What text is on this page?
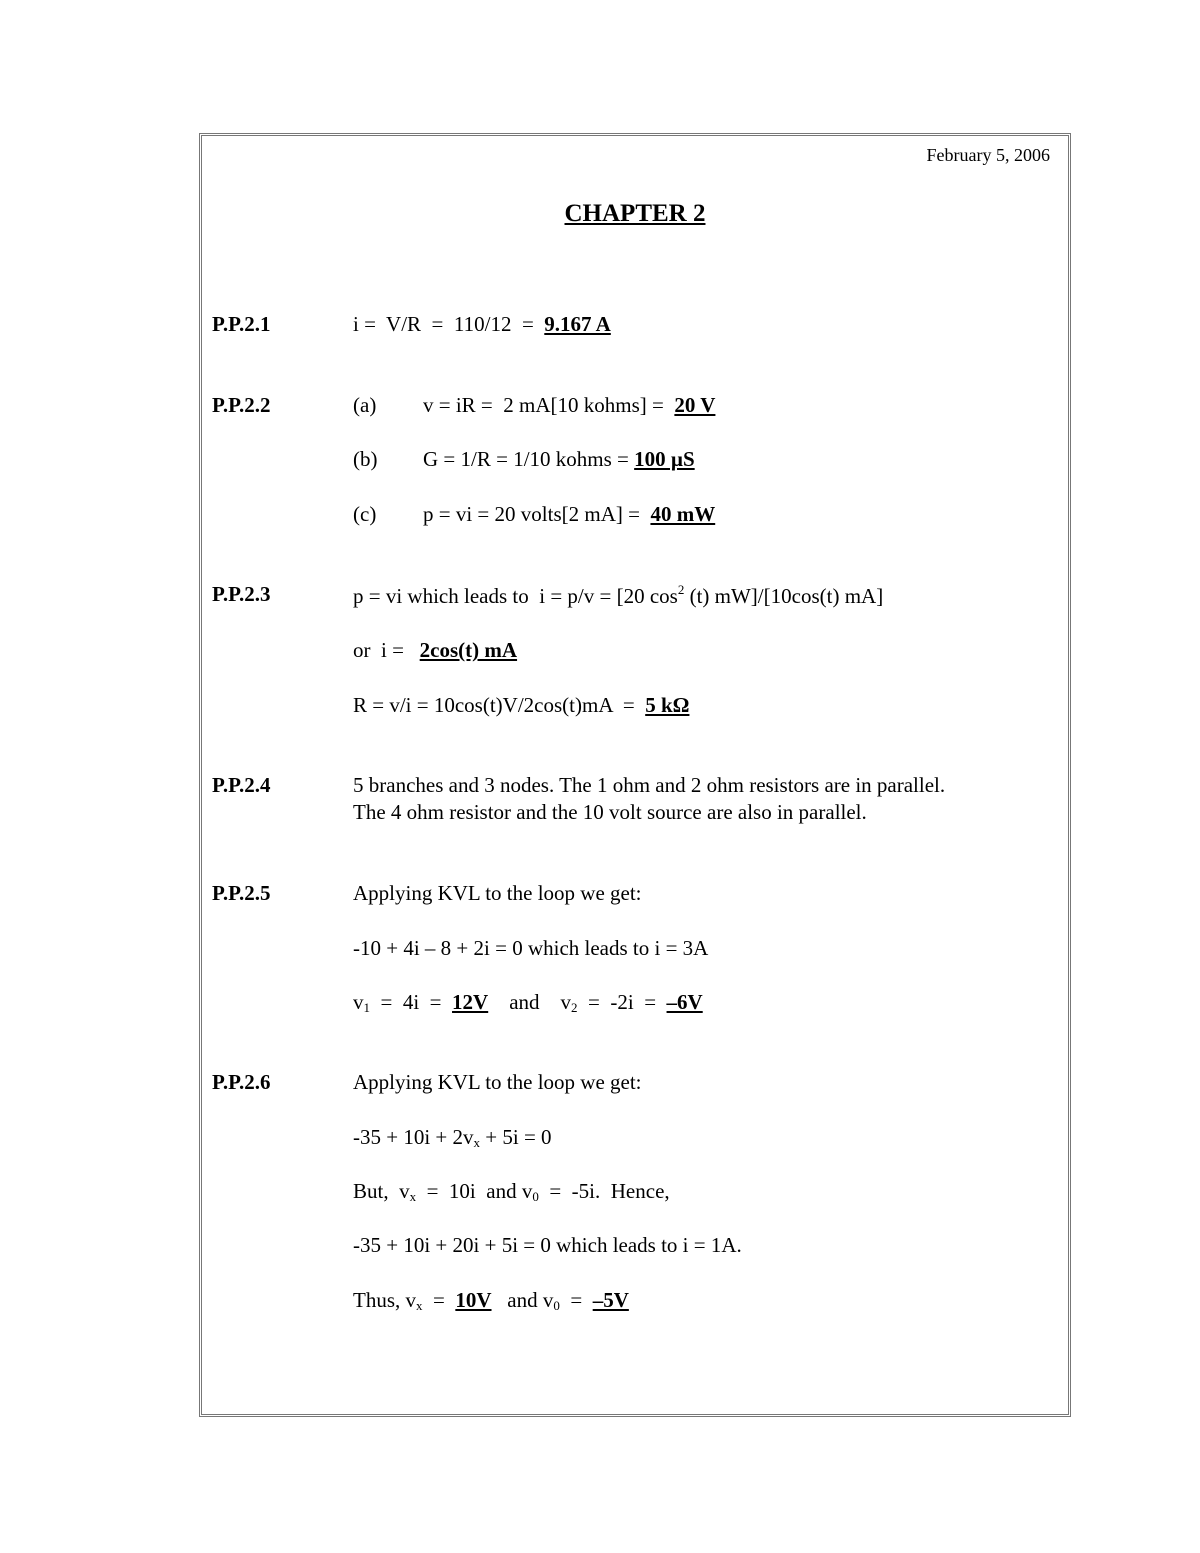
February 5, 2006
CHAPTER 2
P.P.2.1	i =  V/R  =  110/12  =  9.167 A
P.P.2.2	(a) v = iR =  2 mA[10 kohms] =  20 V
(b) G = 1/R = 1/10 kohms = 100 µS
(c) p = vi = 20 volts[2 mA] =  40 mW
P.P.2.3	p = vi which leads to  i = p/v = [20 $\cos^2 (t)$ mW]/[10cos(t) mA]
or  i =   2cos(t) mA
R = v/i = 10cos(t)V/2cos(t)mA  =  5 kΩ
P.P.2.4	5 branches and 3 nodes. The 1 ohm and 2 ohm resistors are in parallel.
The 4 ohm resistor and the 10 volt source are also in parallel.
P.P.2.5	Applying KVL to the loop we get:
-10 + 4i – 8 + 2i = 0 which leads to i = 3A
$v_1 = 4i = 12V$    and    $v_2 = -2i = -6V$
P.P.2.6	Applying KVL to the loop we get:
$-35 + 10i + 2v_x + 5i = 0$
But,  $v_x = 10i$  and $v_0 = -5i$.  Hence,
-35 + 10i + 20i + 5i = 0 which leads to i = 1A.
Thus, $v_x = 10V$   and $v_0 = -5V$
